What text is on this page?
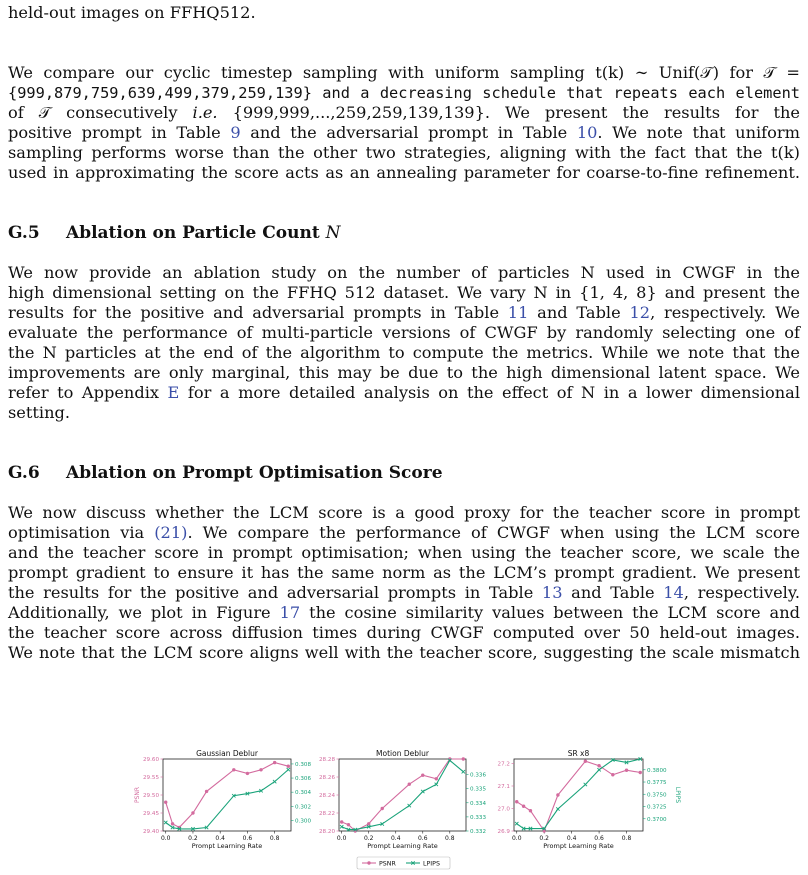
held-out images on FFHQ512.

We compare our cyclic timestep sampling with uniform sampling t(k) ∼ Unif(𝒯) for 𝒯 =
{999,879,759,639,499,379,259,139} and a decreasing schedule that repeats each element
of 𝒯 consecutively i.e. {999,999,...,259,259,139,139}. We present the results for the
positive prompt in Table 9 and the adversarial prompt in Table 10. We note that uniform
sampling performs worse than the other two strategies, aligning with the fact that the t(k)
used in approximating the score acts as an annealing parameter for coarse-to-fine refinement.
G.5 Ablation on Particle Count N
We now provide an ablation study on the number of particles N used in CWGF in the
high dimensional setting on the FFHQ 512 dataset. We vary N in {1, 4, 8} and present the
results for the positive and adversarial prompts in Table 11 and Table 12, respectively. We
evaluate the performance of multi-particle versions of CWGF by randomly selecting one of
the N particles at the end of the algorithm to compute the metrics. While we note that the
improvements are only marginal, this may be due to the high dimensional latent space. We
refer to Appendix E for a more detailed analysis on the effect of N in a lower dimensional
setting.
G.6 Ablation on Prompt Optimisation Score
We now discuss whether the LCM score is a good proxy for the teacher score in prompt
optimisation via (21). We compare the performance of CWGF when using the LCM score
and the teacher score in prompt optimisation; when using the teacher score, we scale the
prompt gradient to ensure it has the same norm as the LCM’s prompt gradient. We present
the results for the positive and adversarial prompts in Table 13 and Table 14, respectively.
Additionally, we plot in Figure 17 the cosine similarity values between the LCM score and
the teacher score across diffusion times during CWGF computed over 50 held-out images.
We note that the LCM score aligns well with the teacher score, suggesting the scale mismatch
Gaussian Deblur
0.0	0.2	0.4	0.6	0.8
Prompt Learning Rate
29.40
29.45
29.50
29.55
29.60
0.300
0.302
0.304
0.306
0.308
PSNR
Motion Deblur
0.0	0.2	0.4	0.6	0.8
Prompt Learning Rate
28.20
28.22
28.24
28.26
28.28
0.332
0.333
0.334
0.335
0.336
SR x8
0.0	0.2	0.4	0.6	0.8
Prompt Learning Rate
26.9
27.0
27.1
27.2
0.3700
0.3725
0.3750
0.3775
0.3800
LPIPS
PSNR	LPIPS
